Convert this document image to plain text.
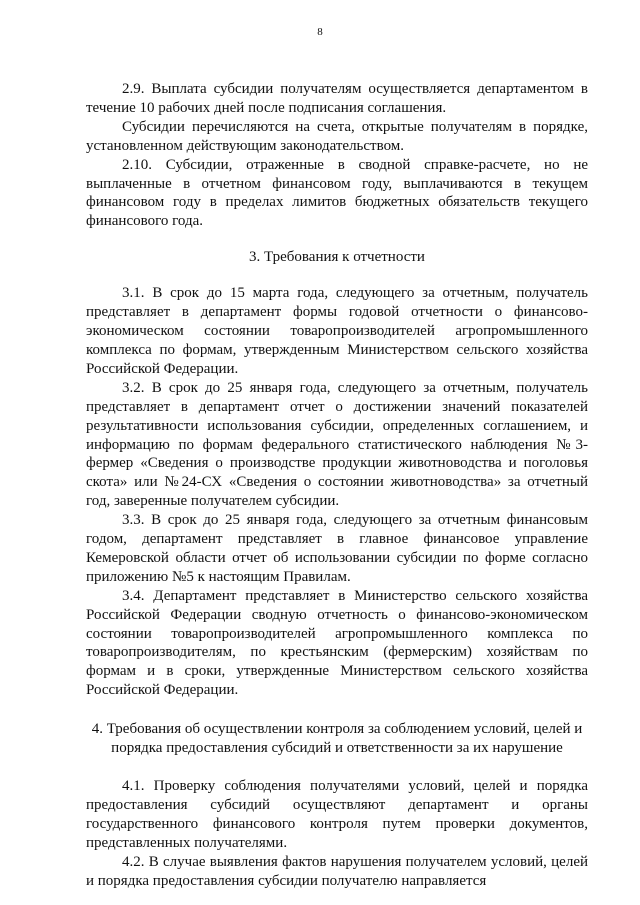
8

2.9. Выплата субсидии получателям осуществляется департаментом в течение 10 рабочих дней после подписания соглашения.

Субсидии перечисляются на счета, открытые получателям в порядке, установленном действующим законодательством.

2.10. Субсидии, отраженные в сводной справке-расчете, но не выплаченные в отчетном финансовом году, выплачиваются в текущем финансовом году в пределах лимитов бюджетных обязательств текущего финансового года.

3. Требования к отчетности

3.1. В срок до 15 марта года, следующего за отчетным, получатель представляет в департамент формы годовой отчетности о финансово-экономическом состоянии товаропроизводителей агропромышленного комплекса по формам, утвержденным Министерством сельского хозяйства Российской Федерации.

3.2. В срок до 25 января года, следующего за отчетным, получатель представляет в департамент отчет о достижении значений показателей результативности использования субсидии, определенных соглашением, и информацию по формам федерального статистического наблюдения №3-фермер «Сведения о производстве продукции животноводства и поголовья скота» или №24-СХ «Сведения о состоянии животноводства» за отчетный год, заверенные получателем субсидии.

3.3. В срок до 25 января года, следующего за отчетным финансовым годом, департамент представляет в главное финансовое управление Кемеровской области отчет об использовании субсидии по форме согласно приложению №5 к настоящим Правилам.

3.4. Департамент представляет в Министерство сельского хозяйства Российской Федерации сводную отчетность о финансово-экономическом состоянии товаропроизводителей агропромышленного комплекса по товаропроизводителям, по крестьянским (фермерским) хозяйствам по формам и в сроки, утвержденные Министерством сельского хозяйства Российской Федерации.

4. Требования об осуществлении контроля за соблюдением условий, целей и
порядка предоставления субсидий и ответственности за их нарушение

4.1. Проверку соблюдения получателями условий, целей и порядка предоставления субсидий осуществляют департамент и органы государственного финансового контроля путем проверки документов, представленных получателями.

4.2. В случае выявления фактов нарушения получателем условий, целей и порядка предоставления субсидии получателю направляется
